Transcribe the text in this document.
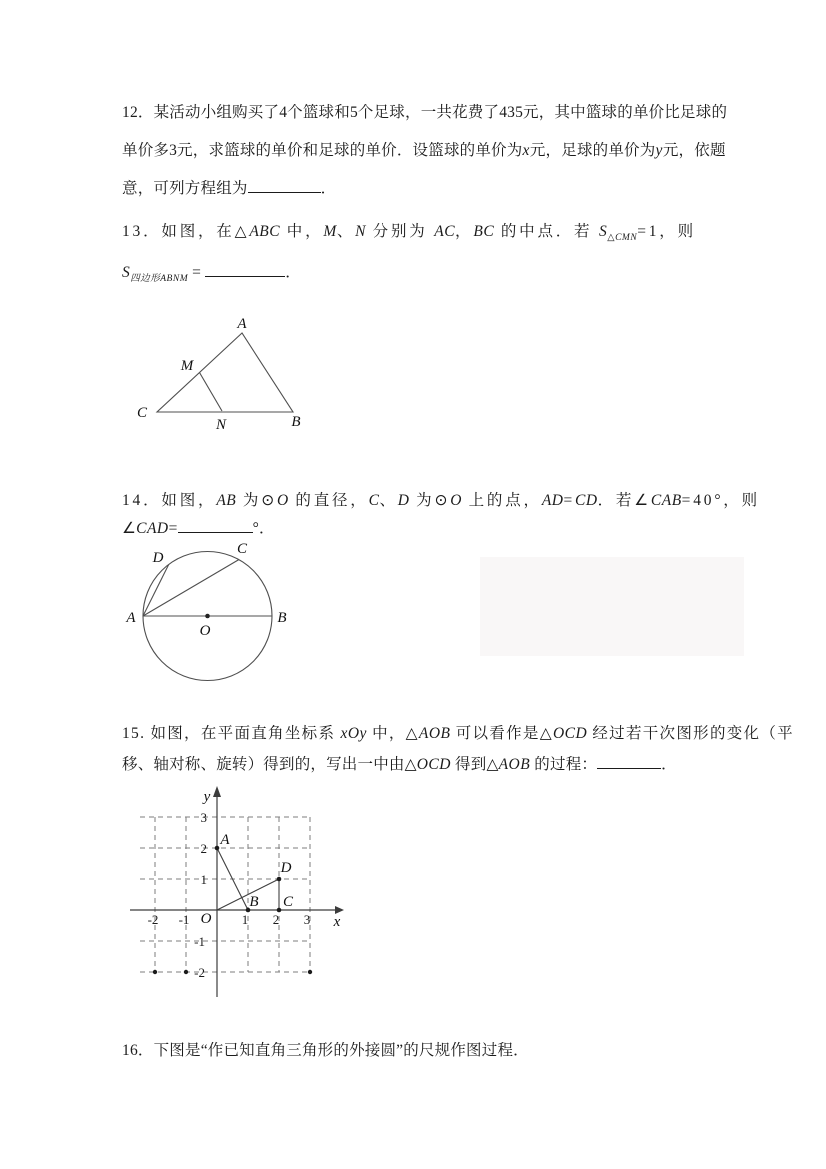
12．某活动小组购买了4个篮球和5个足球，一共花费了435元，其中篮球的单价比足球的
单价多3元，求篮球的单价和足球的单价．设篮球的单价为x元，足球的单价为y元，依题
意，可列方程组为	．
13．如图，在△ABC 中，M、N 分别为 AC，BC 的中点．若 $S_{\triangle CMN}=1$，则
$S_{四边形ABNM}$ =	．
A
M
C
N	B
14．如图，AB 为⊙O 的直径，C、D 为⊙O 上的点，AD=CD．若∠CAB=40°，则
∠CAD=	°．
A	B
O
C
D
15. 如图，在平面直角坐标系 xOy 中，△AOB 可以看作是△OCD 经过若干次图形的变化（平
移、轴对称、旋转）得到的，写出一中由△OCD 得到△AOB 的过程：	．
y
x
O
-2 -1	1 2 3
3
2
1
-1
-2
A
B C
D
16．下图是“作已知直角三角形的外接圆”的尺规作图过程．
